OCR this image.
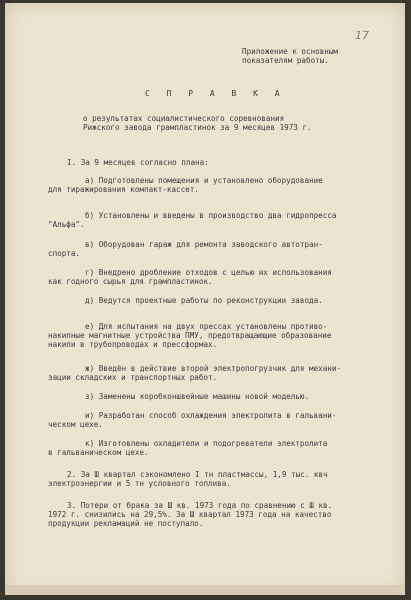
17
Приложение к основным
показателям работы.
С П Р А В К А
о результатах социалистического соревнования
Рижского завода грампластинок за 9 месяцев 1973 г.
I. За 9 месяцев согласно плана:
а) Подготовлены помещения и установлено оборудование
для тиражирования компакт-кассет.
б) Установлены и введены в производство два гидропресса
"Альфа".
в) Оборудован гараж для ремонта заводского автотран-
спорта.
г) Внедрено дробление отходов с целью их использования
как годного сырья для грампластинок.
д) Ведутся проектные работы по реконструкции завода.
е) Для испытания на двух прессах установлены противо-
накипные магнитные устройства ПМУ, предотвращающие образование
накипи в трубопроводах и прессформах.
ж) Введён в действие второй электропогрузчик для механи-
зации складских и транспортных работ.
з) Заменены коробконшвейные машины новой моделью.
и) Разработан способ охлаждения электролита в гальвани-
ческом цехе.
к) Изготовлены охладители и подогреватели электролита
в гальваническом цехе.
2. За Ш квартал сэкономлено I тн пластмассы, 1,9 тыс. квч
электроэнергии и 5 тн условного топлива.
3. Потери от брака за Ш кв. 1973 года по сравнению с Ш кв.
1972 г. снизились на 29,5%. За Ш квартал 1973 года на качество
продукции рекламаций не поступало.
